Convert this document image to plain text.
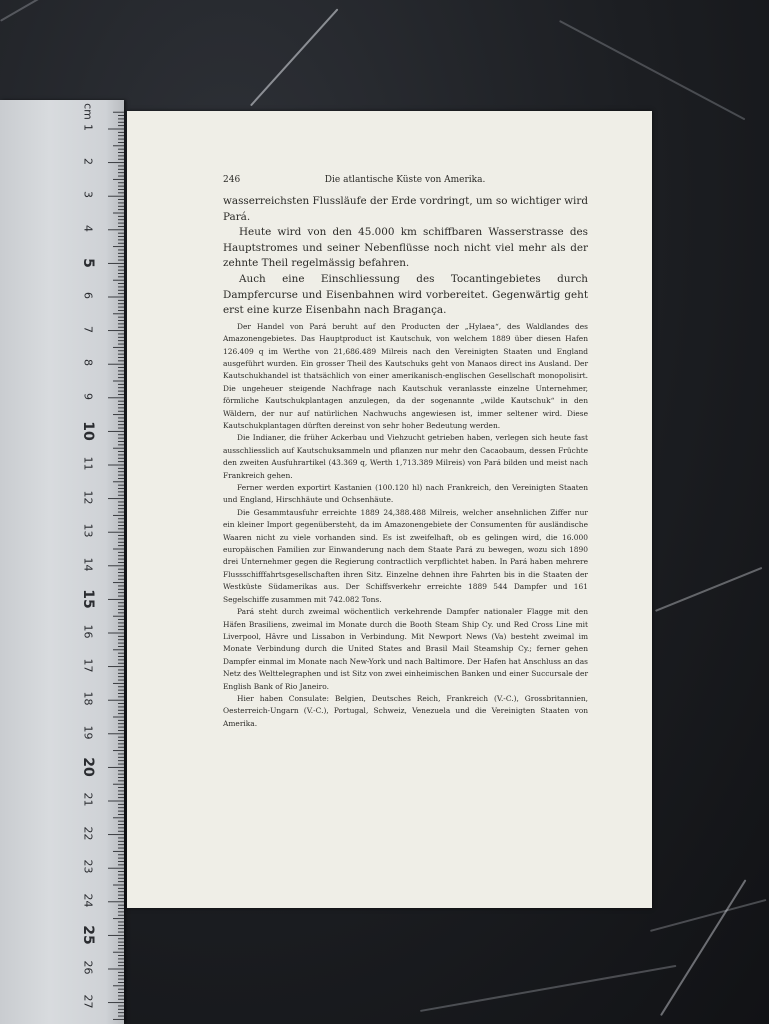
1
2
3
4
5
6
7
8
9
10
11
12
13
14
15
16
17
18
19
20
21
22
23
24
25
26
27
cm
246	Die atlantische Küste von Amerika.

wasserreichsten Flussläufe der Erde vordringt, um so wichtiger wird Pará.

Heute wird von den 45.000 km schiffbaren Wasserstrasse des Hauptstromes und seiner Nebenflüsse noch nicht viel mehr als der zehnte Theil regelmässig befahren.

Auch eine Einschliessung des Tocantingebietes durch Dampfercurse und Eisenbahnen wird vorbereitet. Gegenwärtig geht erst eine kurze Eisenbahn nach Bragança.

Der Handel von Pará beruht auf den Producten der „Hylaea“, des Waldlandes des Amazonengebietes. Das Hauptproduct ist Kautschuk, von welchem 1889 über diesen Hafen 126.409 q im Werthe von 21,686.489 Milreis nach den Vereinigten Staaten und England ausgeführt wurden. Ein grosser Theil des Kautschuks geht von Manaos direct ins Ausland. Der Kautschukhandel ist thatsächlich von einer amerikanisch-englischen Gesellschaft monopolisirt. Die ungeheuer steigende Nachfrage nach Kautschuk veranlasste einzelne Unternehmer, förmliche Kautschukplantagen anzulegen, da der sogenannte „wilde Kautschuk“ in den Wäldern, der nur auf natürlichen Nachwuchs angewiesen ist, immer seltener wird. Diese Kautschukplantagen dürften dereinst von sehr hoher Bedeutung werden.

Die Indianer, die früher Ackerbau und Viehzucht getrieben haben, verlegen sich heute fast ausschliesslich auf Kautschuksammeln und pflanzen nur mehr den Cacaobaum, dessen Früchte den zweiten Ausfuhrartikel (43.369 q, Werth 1,713.389 Milreis) von Pará bilden und meist nach Frankreich gehen.

Ferner werden exportirt Kastanien (100.120 hl) nach Frankreich, den Vereinigten Staaten und England, Hirschhäute und Ochsenhäute.

Die Gesammtausfuhr erreichte 1889 24,388.488 Milreis, welcher ansehnlichen Ziffer nur ein kleiner Import gegenübersteht, da im Amazonengebiete der Consumenten für ausländische Waaren nicht zu viele vorhanden sind. Es ist zweifelhaft, ob es gelingen wird, die 16.000 europäischen Familien zur Einwanderung nach dem Staate Pará zu bewegen, wozu sich 1890 drei Unternehmer gegen die Regierung contractlich verpflichtet haben. In Pará haben mehrere Flussschifffahrtsgesellschaften ihren Sitz. Einzelne dehnen ihre Fahrten bis in die Staaten der Westküste Südamerikas aus. Der Schiffsverkehr erreichte 1889 544 Dampfer und 161 Segelschiffe zusammen mit 742.082 Tons.

Pará steht durch zweimal wöchentlich verkehrende Dampfer nationaler Flagge mit den Häfen Brasiliens, zweimal im Monate durch die Booth Steam Ship Cy. und Red Cross Line mit Liverpool, Hâvre und Lissabon in Verbindung. Mit Newport News (Va) besteht zweimal im Monate Verbindung durch die United States and Brasil Mail Steamship Cy.; ferner gehen Dampfer einmal im Monate nach New-York und nach Baltimore. Der Hafen hat Anschluss an das Netz des Welttelegraphen und ist Sitz von zwei einheimischen Banken und einer Succursale der English Bank of Rio Janeiro.

Hier haben Consulate: Belgien, Deutsches Reich, Frankreich (V.-C.), Grossbritannien, Oesterreich-Ungarn (V.-C.), Portugal, Schweiz, Venezuela und die Vereinigten Staaten von Amerika.
